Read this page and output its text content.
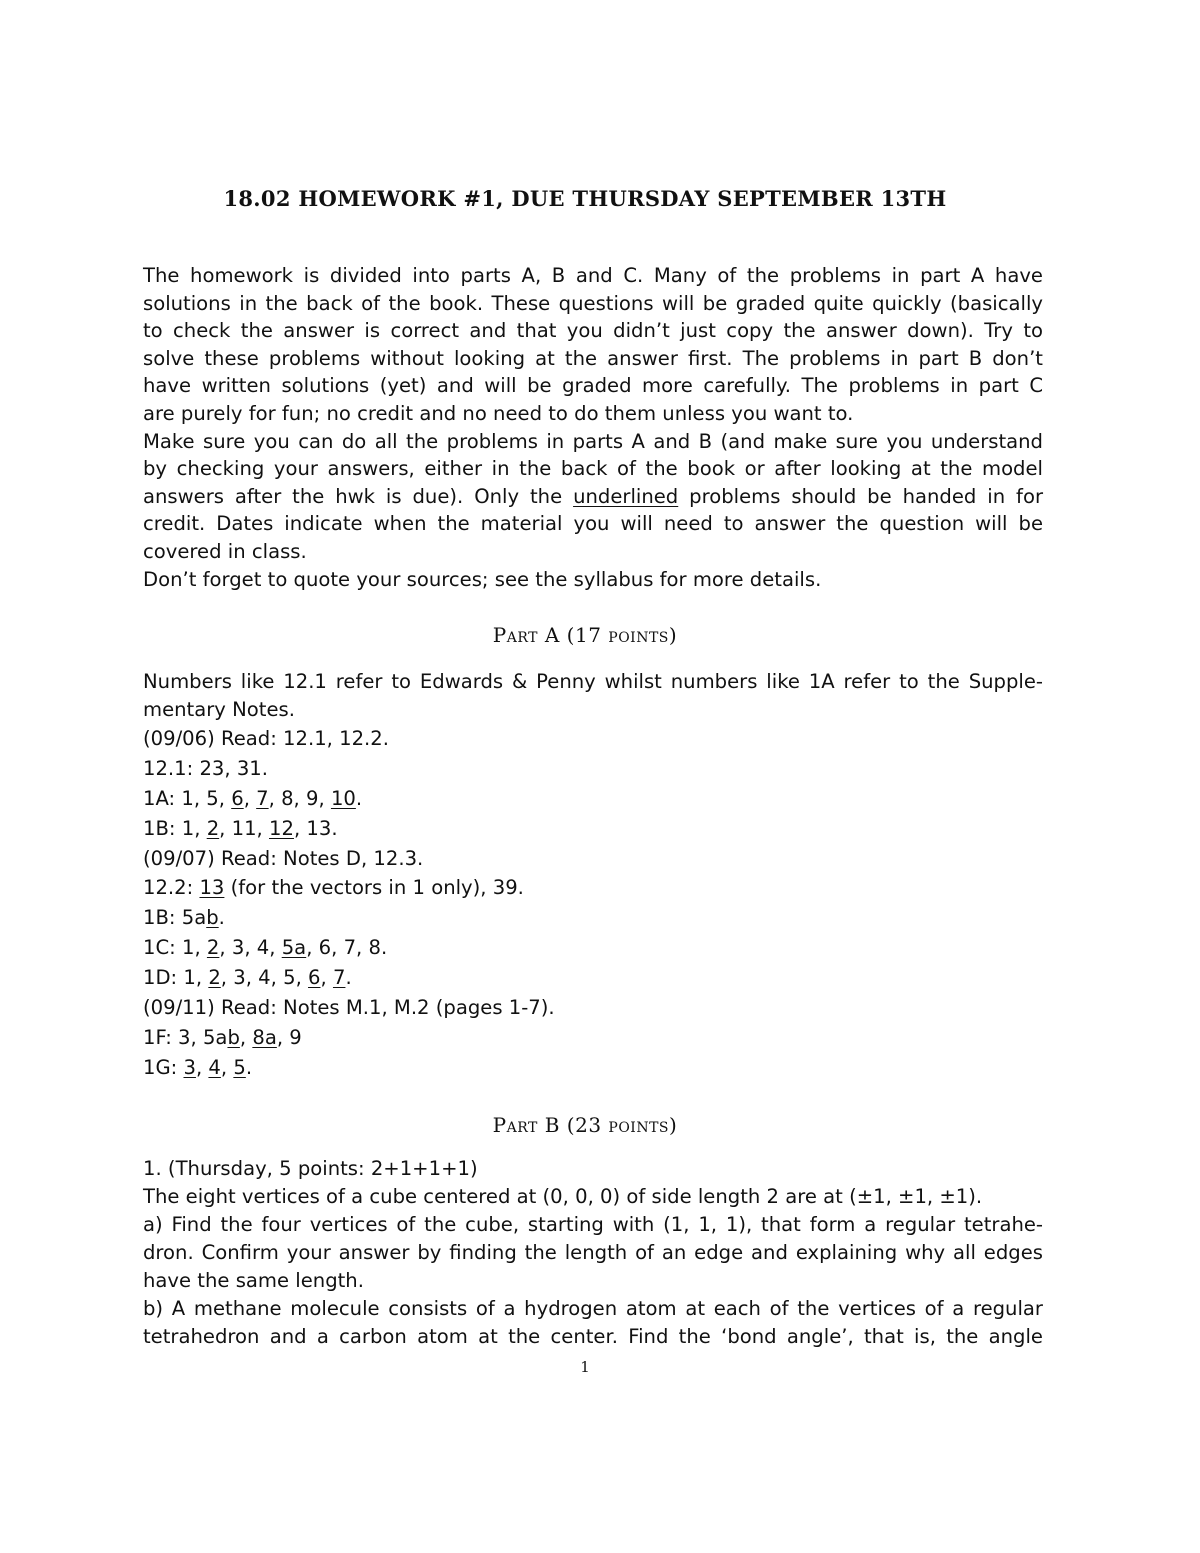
18.02 HOMEWORK #1, DUE THURSDAY SEPTEMBER 13TH
The homework is divided into parts A, B and C. Many of the problems in part A have
solutions in the back of the book. These questions will be graded quite quickly (basically
to check the answer is correct and that you didn’t just copy the answer down). Try to
solve these problems without looking at the answer first. The problems in part B don’t
have written solutions (yet) and will be graded more carefully. The problems in part C
are purely for fun; no credit and no need to do them unless you want to.
Make sure you can do all the problems in parts A and B (and make sure you understand
by checking your answers, either in the back of the book or after looking at the model
answers after the hwk is due). Only the underlined problems should be handed in for
credit. Dates indicate when the material you will need to answer the question will be
covered in class.
Don’t forget to quote your sources; see the syllabus for more details.
Part A (17 points)
Numbers like 12.1 refer to Edwards & Penny whilst numbers like 1A refer to the Supple-
mentary Notes.
(09/06) Read: 12.1, 12.2.
12.1: 23, 31.
1A: 1, 5, 6, 7, 8, 9, 10.
1B: 1, 2, 11, 12, 13.
(09/07) Read: Notes D, 12.3.
12.2: 13 (for the vectors in 1 only), 39.
1B: 5ab.
1C: 1, 2, 3, 4, 5a, 6, 7, 8.
1D: 1, 2, 3, 4, 5, 6, 7.
(09/11) Read: Notes M.1, M.2 (pages 1-7).
1F: 3, 5ab, 8a, 9
1G: 3, 4, 5.
Part B (23 points)
1. (Thursday, 5 points: 2+1+1+1)
The eight vertices of a cube centered at (0, 0, 0) of side length 2 are at (±1, ±1, ±1).
a) Find the four vertices of the cube, starting with (1, 1, 1), that form a regular tetrahe-
dron. Confirm your answer by finding the length of an edge and explaining why all edges
have the same length.
b) A methane molecule consists of a hydrogen atom at each of the vertices of a regular
tetrahedron and a carbon atom at the center. Find the ‘bond angle’, that is, the angle
1
